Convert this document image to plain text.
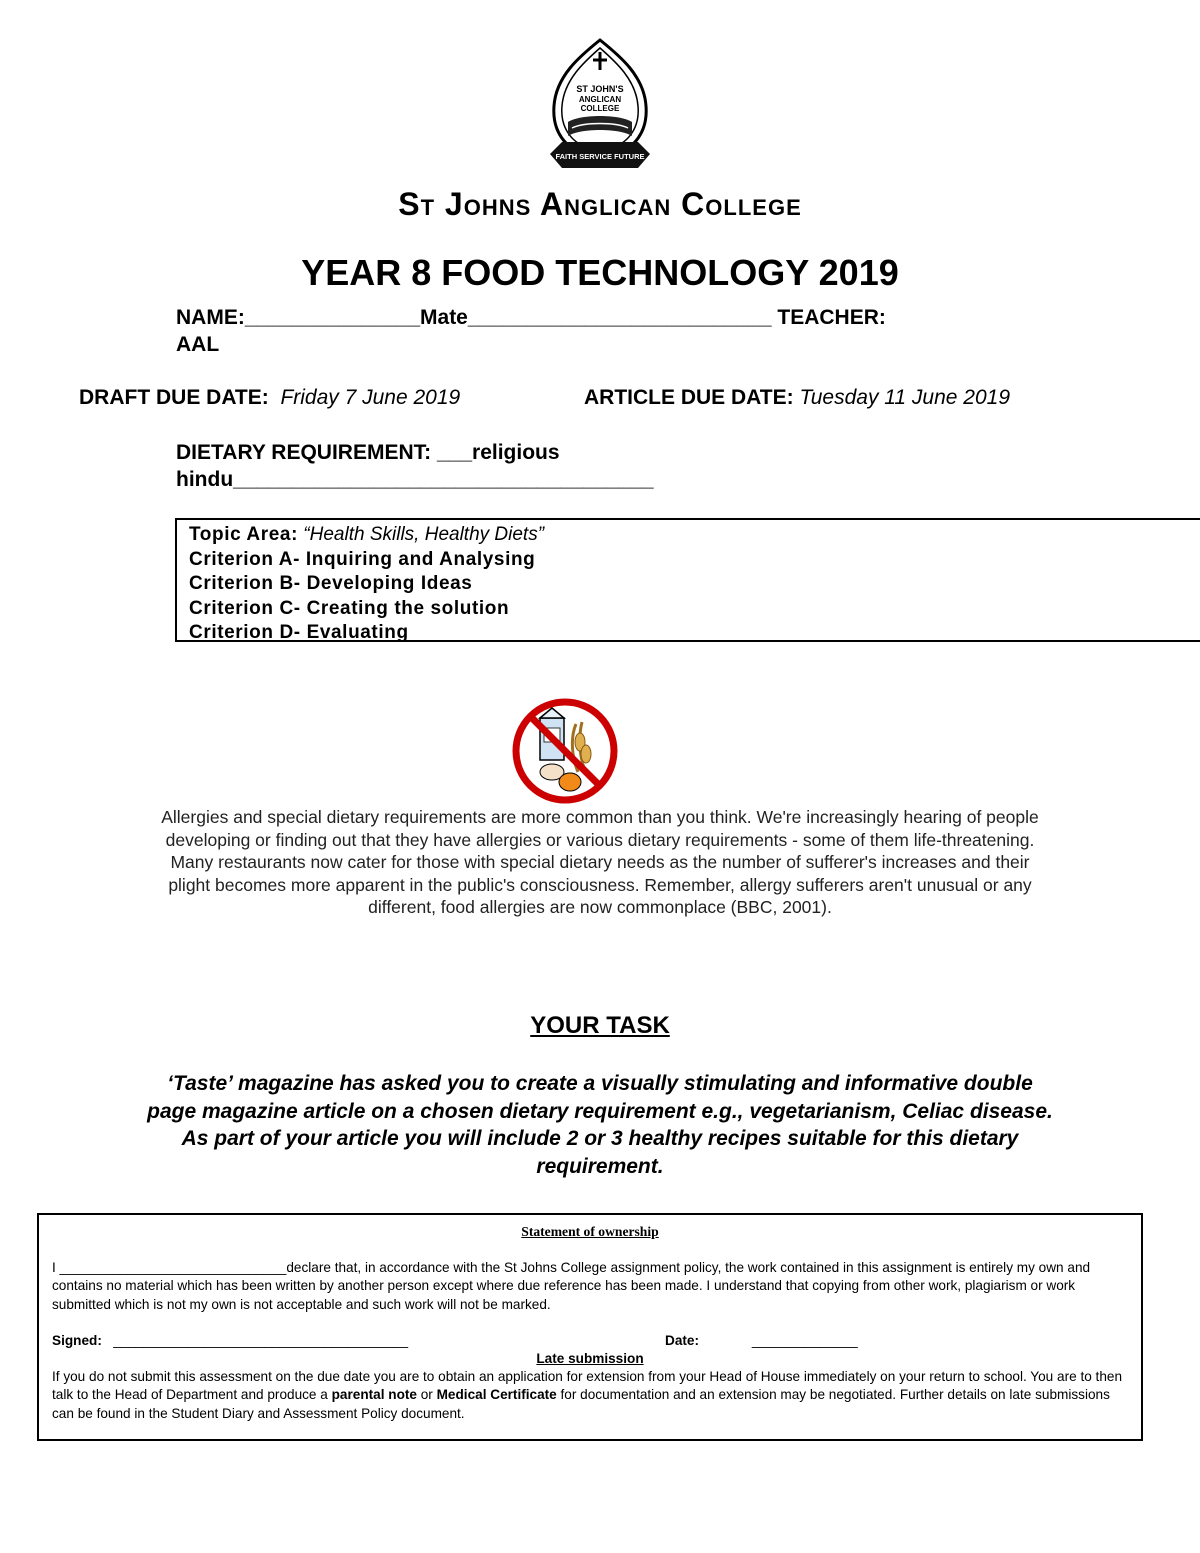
ST JOHN'S
ANGLICAN
COLLEGE
FAITH SERVICE FUTURE
St Johns Anglican College
YEAR 8 FOOD TECHNOLOGY 2019
NAME:_______________Mate__________________________ TEACHER:
AAL
DRAFT DUE DATE: Friday 7 June 2019	ARTICLE DUE DATE: Tuesday 11 June 2019
DIETARY REQUIREMENT: ___religious
hindu____________________________________
Topic Area: “Health Skills, Healthy Diets”
Criterion A- Inquiring and Analysing
Criterion B- Developing Ideas
Criterion C- Creating the solution
Criterion D- Evaluating
Allergies and special dietary requirements are more common than you think. We're increasingly hearing of people developing or finding out that they have allergies or various dietary requirements - some of them life-threatening. Many restaurants now cater for those with special dietary needs as the number of sufferer's increases and their plight becomes more apparent in the public's consciousness. Remember, allergy sufferers aren't unusual or any different, food allergies are now commonplace (BBC, 2001).
YOUR TASK
‘Taste’ magazine has asked you to create a visually stimulating and informative double page magazine article on a chosen dietary requirement e.g., vegetarianism, Celiac disease. As part of your article you will include 2 or 3 healthy recipes suitable for this dietary requirement.
Statement of ownership
I ______________________________declare that, in accordance with the St Johns College assignment policy, the work contained in this assignment is entirely my own and contains no material which has been written by another person except where due reference has been made. I understand that copying from other work, plagiarism or work submitted which is not my own is not acceptable and such work will not be marked.
Signed: _______________________________________	Date:	______________
Late submission
If you do not submit this assessment on the due date you are to obtain an application for extension from your Head of House immediately on your return to school. You are to then talk to the Head of Department and produce a parental note or Medical Certificate for documentation and an extension may be negotiated. Further details on late submissions can be found in the Student Diary and Assessment Policy document.
